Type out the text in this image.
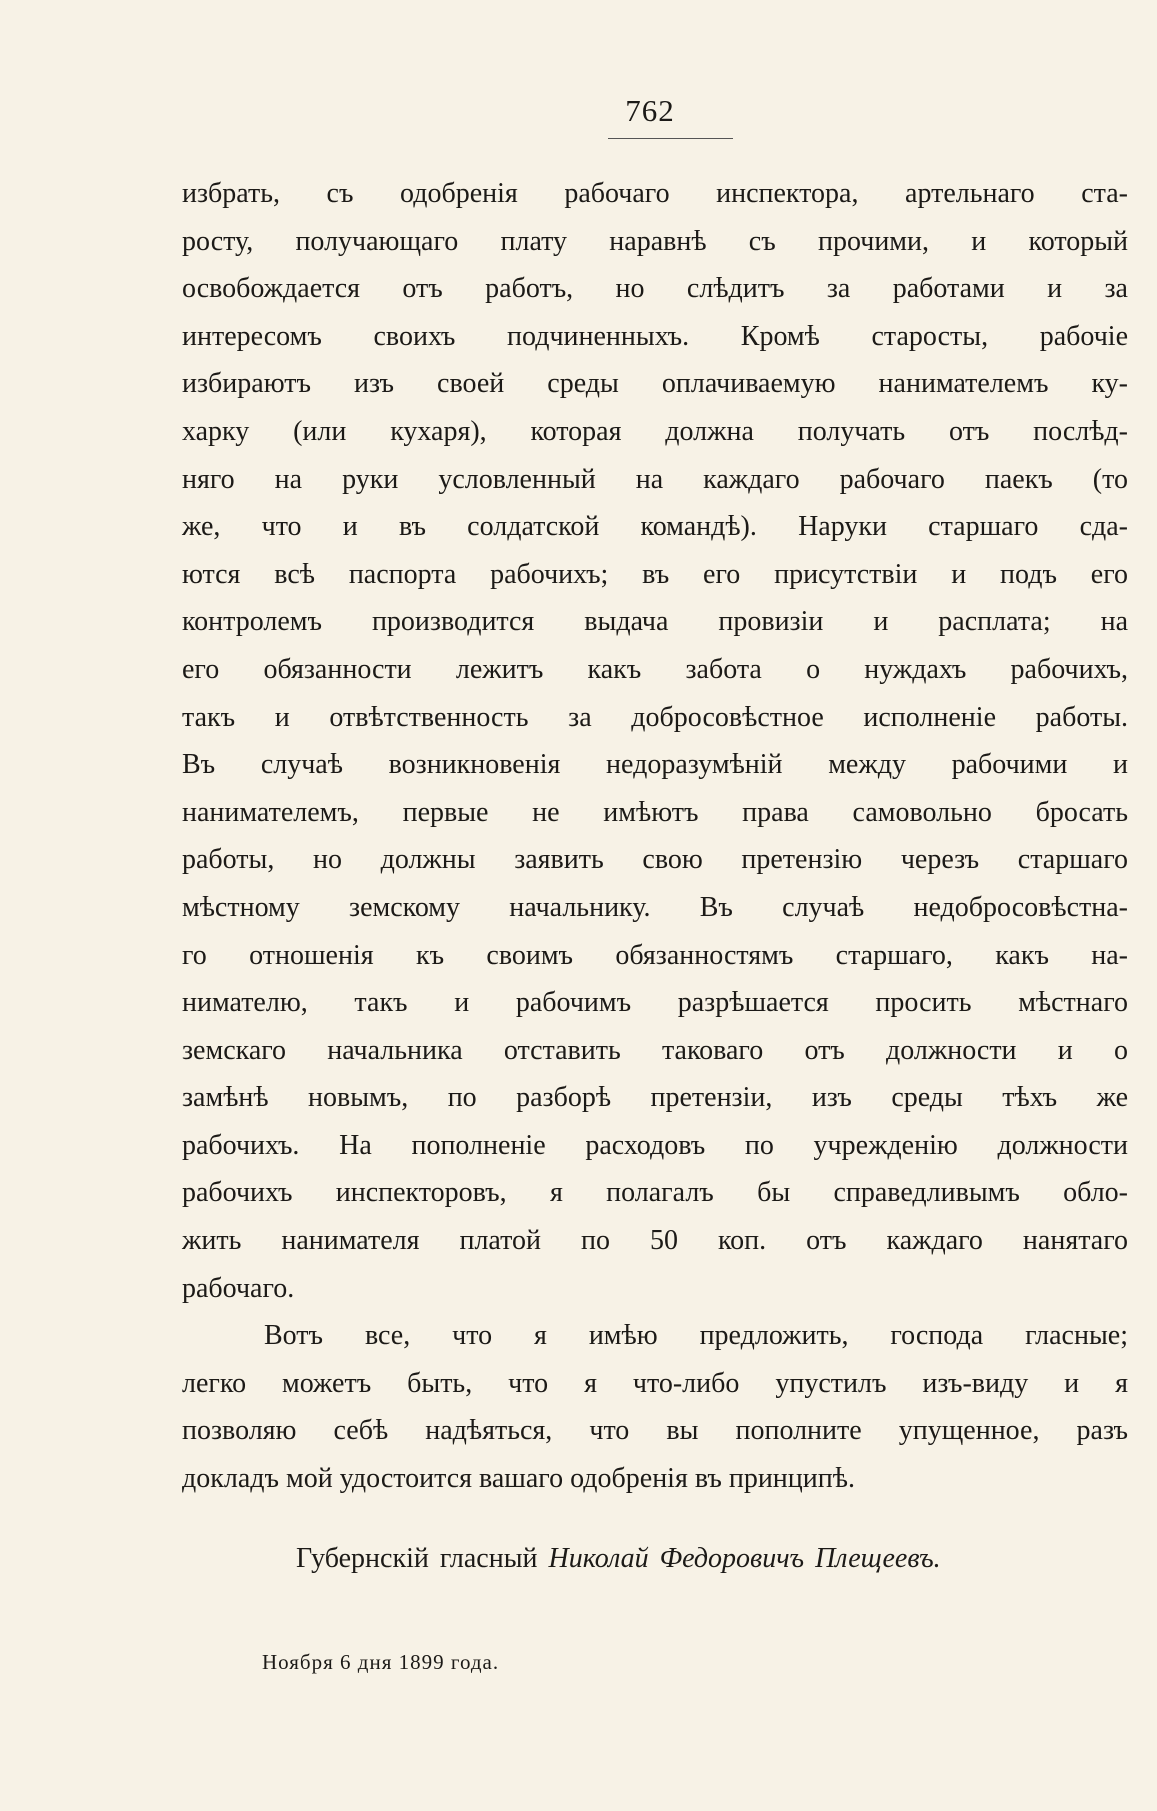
762
избрать, съ одобренія рабочаго инспектора, артельнаго ста-
росту, получающаго плату наравнѣ съ прочими, и который
освобождается отъ работъ, но слѣдитъ за работами и за
интересомъ своихъ подчиненныхъ. Кромѣ старосты, рабочіе
избираютъ изъ своей среды оплачиваемую нанимателемъ ку-
харку (или кухаря), которая должна получать отъ послѣд-
няго на руки условленный на каждаго рабочаго паекъ (то
же, что и въ солдатской командѣ). Наруки старшаго сда-
ются всѣ паспорта рабочихъ; въ его присутствіи и подъ его
контролемъ производится выдача провизіи и расплата; на
его обязанности лежитъ какъ забота о нуждахъ рабочихъ,
такъ и отвѣтственность за добросовѣстное исполненіе работы.
Въ случаѣ возникновенія недоразумѣній между рабочими и
нанимателемъ, первые не имѣютъ права самовольно бросать
работы, но должны заявить свою претензію черезъ старшаго
мѣстному земскому начальнику. Въ случаѣ недобросовѣстна-
го отношенія къ своимъ обязанностямъ старшаго, какъ на-
нимателю, такъ и рабочимъ разрѣшается просить мѣстнаго
земскаго начальника отставить таковаго отъ должности и о
замѣнѣ новымъ, по разборѣ претензіи, изъ среды тѣхъ же
рабочихъ. На пополненіе расходовъ по учрежденію должности
рабочихъ инспекторовъ, я полагалъ бы справедливымъ обло-
жить нанимателя платой по 50 коп. отъ каждаго нанятаго
рабочаго.
Вотъ все, что я имѣю предложить, господа гласные;
легко можетъ быть, что я что-либо упустилъ изъ-виду и я
позволяю себѣ надѣяться, что вы пополните упущенное, разъ
докладъ мой удостоится вашаго одобренія въ принципѣ.
Губернскій гласный Николай Федоровичъ Плещеевъ.
Ноября 6 дня 1899 года.
